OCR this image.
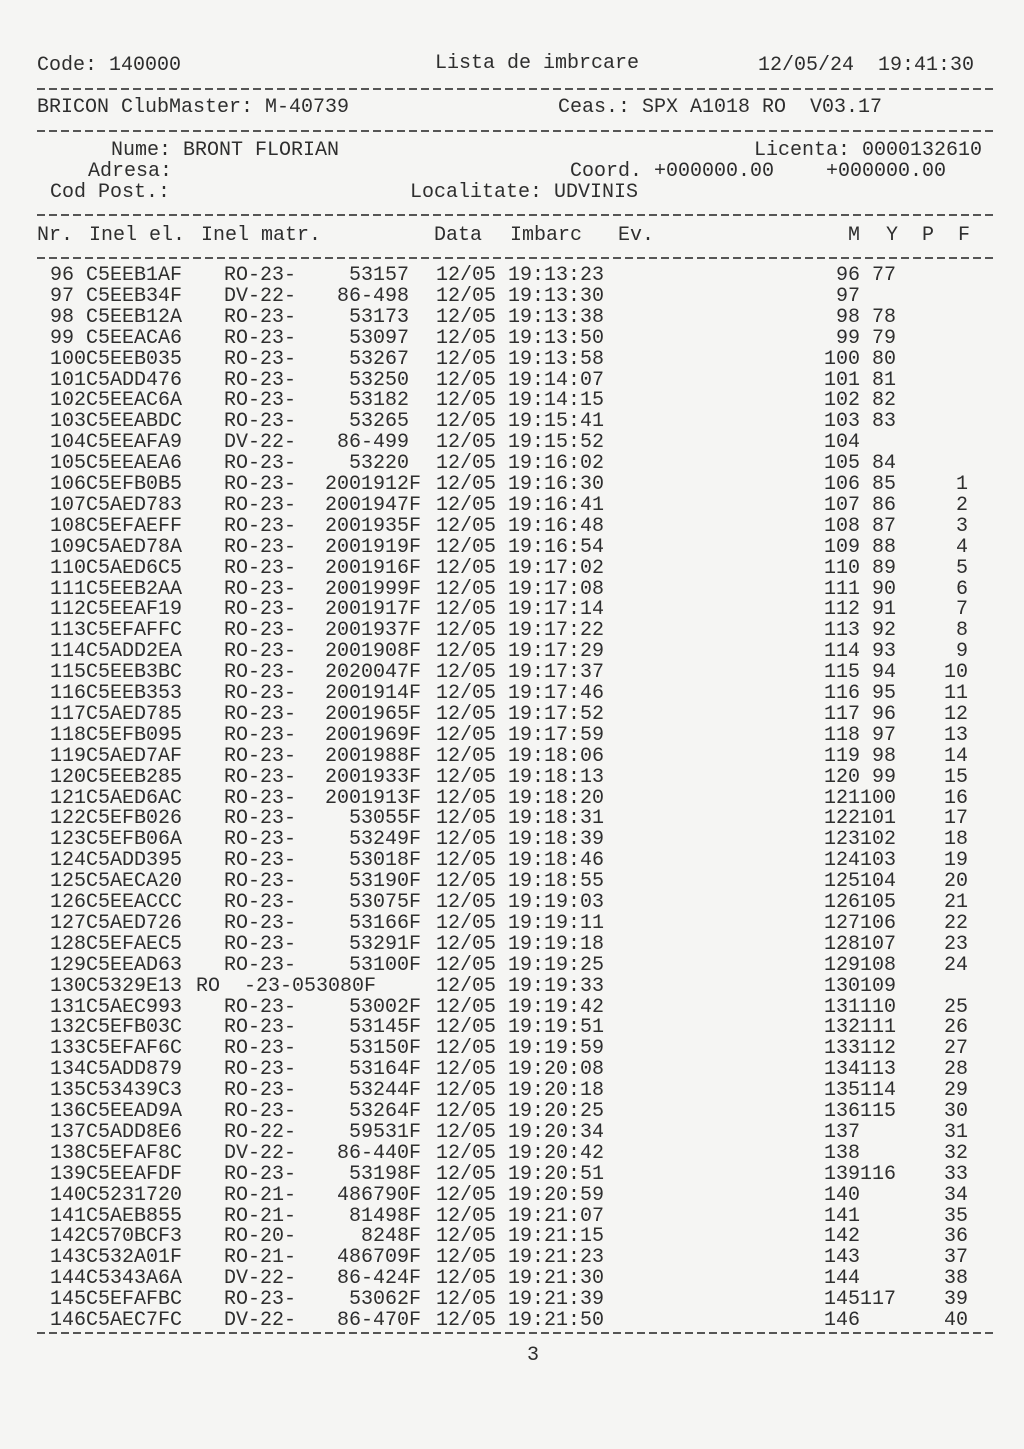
Code: 140000	Lista de imbrcare	12/05/24 19:41:30
BRICON ClubMaster: M-40739	Ceas.: SPX A1018 RO V03.17
Nume: BRONT FLORIAN	Licenta: 0000132610
Adresa:	Coord. +000000.00	+000000.00
Cod Post.:	Localitate: UDVINIS
Nr. Inel el. Inel matr.	Data Imbarc Ev.	M Y P F
96 C5EEB1AF RO-23-	53157 12/05 19:13:23	96 77
97 C5EEB34F DV-22-	86-498 12/05 19:13:30	97
98 C5EEB12A RO-23-	53173 12/05 19:13:38	98 78
99 C5EEACA6 RO-23-	53097 12/05 19:13:50	99 79
100 C5EEB035 RO-23-	53267 12/05 19:13:58	100 80
101 C5ADD476 RO-23-	53250 12/05 19:14:07	101 81
102 C5EEAC6A RO-23-	53182 12/05 19:14:15	102 82
103 C5EEABDC RO-23-	53265 12/05 19:15:41	103 83
104 C5EEAFA9 DV-22-	86-499 12/05 19:15:52	104
105 C5EEAEA6 RO-23-	53220 12/05 19:16:02	105 84
106 C5EFB0B5 RO-23-	2001912F 12/05 19:16:30	106 85	1
107 C5AED783 RO-23-	2001947F 12/05 19:16:41	107 86	2
108 C5EFAEFF RO-23-	2001935F 12/05 19:16:48	108 87	3
109 C5AED78A RO-23-	2001919F 12/05 19:16:54	109 88	4
110 C5AED6C5 RO-23-	2001916F 12/05 19:17:02	110 89	5
111 C5EEB2AA RO-23-	2001999F 12/05 19:17:08	111 90	6
112 C5EEAF19 RO-23-	2001917F 12/05 19:17:14	112 91	7
113 C5EFAFFC RO-23-	2001937F 12/05 19:17:22	113 92	8
114 C5ADD2EA RO-23-	2001908F 12/05 19:17:29	114 93	9
115 C5EEB3BC RO-23-	2020047F 12/05 19:17:37	115 94	10
116 C5EEB353 RO-23-	2001914F 12/05 19:17:46	116 95	11
117 C5AED785 RO-23-	2001965F 12/05 19:17:52	117 96	12
118 C5EFB095 RO-23-	2001969F 12/05 19:17:59	118 97	13
119 C5AED7AF RO-23-	2001988F 12/05 19:18:06	119 98	14
120 C5EEB285 RO-23-	2001933F 12/05 19:18:13	120 99	15
121 C5AED6AC RO-23-	2001913F 12/05 19:18:20	121 100	16
122 C5EFB026 RO-23-	53055F 12/05 19:18:31	122 101	17
123 C5EFB06A RO-23-	53249F 12/05 19:18:39	123 102	18
124 C5ADD395 RO-23-	53018F 12/05 19:18:46	124 103	19
125 C5AECA20 RO-23-	53190F 12/05 19:18:55	125 104	20
126 C5EEACCC RO-23-	53075F 12/05 19:19:03	126 105	21
127 C5AED726 RO-23-	53166F 12/05 19:19:11	127 106	22
128 C5EFAEC5 RO-23-	53291F 12/05 19:19:18	128 107	23
129 C5EEAD63 RO-23-	53100F 12/05 19:19:25	129 108	24
130 C5329E13 RO  -23-053080F	12/05 19:19:33	130 109
131 C5AEC993 RO-23-	53002F 12/05 19:19:42	131 110	25
132 C5EFB03C RO-23-	53145F 12/05 19:19:51	132 111	26
133 C5EFAF6C RO-23-	53150F 12/05 19:19:59	133 112	27
134 C5ADD879 RO-23-	53164F 12/05 19:20:08	134 113	28
135 C53439C3 RO-23-	53244F 12/05 19:20:18	135 114	29
136 C5EEAD9A RO-23-	53264F 12/05 19:20:25	136 115	30
137 C5ADD8E6 RO-22-	59531F 12/05 19:20:34	137	31
138 C5EFAF8C DV-22-	86-440F 12/05 19:20:42	138	32
139 C5EEAFDF RO-23-	53198F 12/05 19:20:51	139 116	33
140 C5231720 RO-21-	486790F 12/05 19:20:59	140	34
141 C5AEB855 RO-21-	81498F 12/05 19:21:07	141	35
142 C570BCF3 RO-20-	8248F 12/05 19:21:15	142	36
143 C532A01F RO-21-	486709F 12/05 19:21:23	143	37
144 C5343A6A DV-22-	86-424F 12/05 19:21:30	144	38
145 C5EFAFBC RO-23-	53062F 12/05 19:21:39	145 117	39
146 C5AEC7FC DV-22-	86-470F 12/05 19:21:50	146	40
3
